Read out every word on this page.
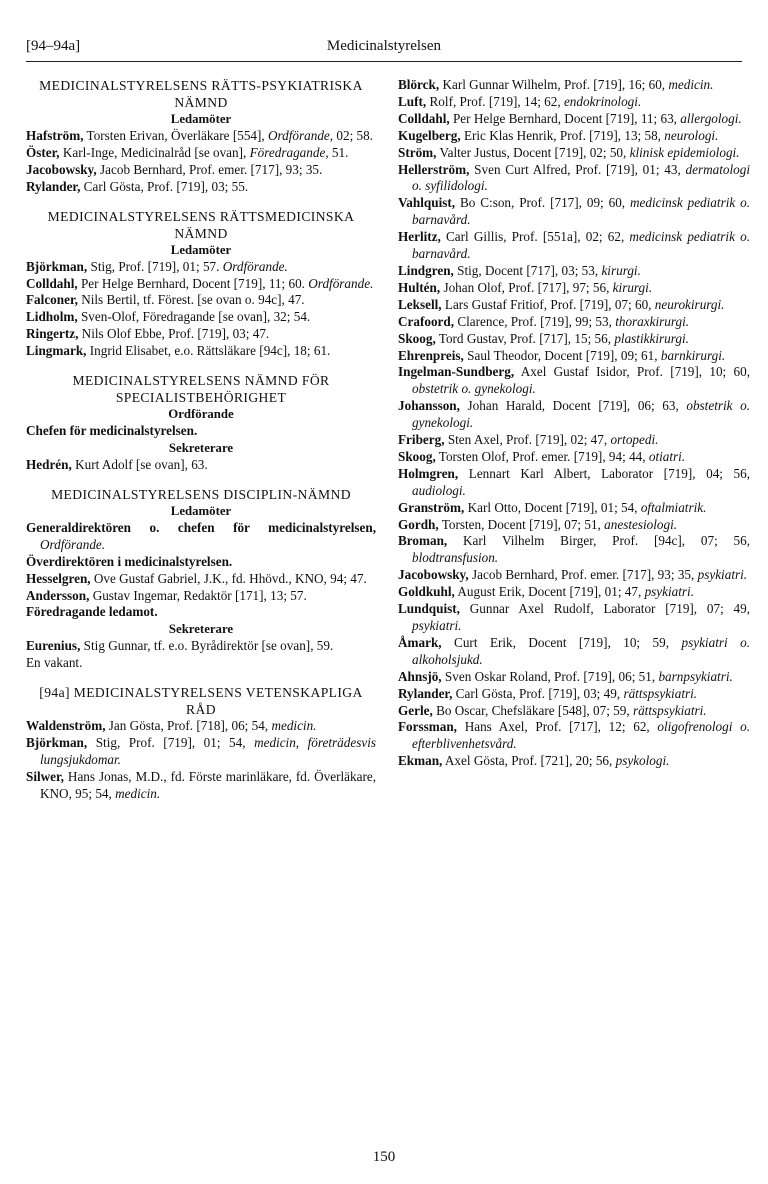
[94–94a]	Medicinalstyrelsen
MEDICINALSTYRELSENS RÄTTS-PSYKIATRISKA NÄMND
Ledamöter
Hafström, Torsten Erivan, Överläkare [554], Ordförande, 02; 58.
Öster, Karl-Inge, Medicinalråd [se ovan], Föredragande, 51.
Jacobowsky, Jacob Bernhard, Prof. emer. [717], 93; 35.
Rylander, Carl Gösta, Prof. [719], 03; 55.
MEDICINALSTYRELSENS RÄTTSMEDICINSKA NÄMND
Ledamöter
Björkman, Stig, Prof. [719], 01; 57. Ordförande.
Colldahl, Per Helge Bernhard, Docent [719], 11; 60. Ordförande.
Falconer, Nils Bertil, tf. Förest. [se ovan o. 94c], 47.
Lidholm, Sven-Olof, Föredragande [se ovan], 32; 54.
Ringertz, Nils Olof Ebbe, Prof. [719], 03; 47.
Lingmark, Ingrid Elisabet, e.o. Rättsläkare [94c], 18; 61.
MEDICINALSTYRELSENS NÄMND FÖR SPECIALISTBEHÖRIGHET
Ordförande
Chefen för medicinalstyrelsen.
Sekreterare
Hedrén, Kurt Adolf [se ovan], 63.
MEDICINALSTYRELSENS DISCIPLIN-NÄMND
Ledamöter
Generaldirektören o. chefen för medicinalstyrelsen, Ordförande.
Överdirektören i medicinalstyrelsen.
Hesselgren, Ove Gustaf Gabriel, J.K., fd. Hhövd., KNO, 94; 47.
Andersson, Gustav Ingemar, Redaktör [171], 13; 57.
Föredragande ledamot.
Sekreterare
Eurenius, Stig Gunnar, tf. e.o. Byrådirektör [se ovan], 59.
En vakant.
[94a] MEDICINALSTYRELSENS VETENSKAPLIGA RÅD
Waldenström, Jan Gösta, Prof. [718], 06; 54, medicin.
Björkman, Stig, Prof. [719], 01; 54, medicin, företrädesvis lungsjukdomar.
Silwer, Hans Jonas, M.D., fd. Förste marinläkare, fd. Överläkare, KNO, 95; 54, medicin.
Blörck, Karl Gunnar Wilhelm, Prof. [719], 16; 60, medicin.
Luft, Rolf, Prof. [719], 14; 62, endokrinologi.
Colldahl, Per Helge Bernhard, Docent [719], 11; 63, allergologi.
Kugelberg, Eric Klas Henrik, Prof. [719], 13; 58, neurologi.
Ström, Valter Justus, Docent [719], 02; 50, klinisk epidemiologi.
Hellerström, Sven Curt Alfred, Prof. [719], 01; 43, dermatologi o. syfilidologi.
Vahlquist, Bo C:son, Prof. [717], 09; 60, medicinsk pediatrik o. barnavård.
Herlitz, Carl Gillis, Prof. [551a], 02; 62, medicinsk pediatrik o. barnavård.
Lindgren, Stig, Docent [717], 03; 53, kirurgi.
Hultén, Johan Olof, Prof. [717], 97; 56, kirurgi.
Leksell, Lars Gustaf Fritiof, Prof. [719], 07; 60, neurokirurgi.
Crafoord, Clarence, Prof. [719], 99; 53, thoraxkirurgi.
Skoog, Tord Gustav, Prof. [717], 15; 56, plastikkirurgi.
Ehrenpreis, Saul Theodor, Docent [719], 09; 61, barnkirurgi.
Ingelman-Sundberg, Axel Gustaf Isidor, Prof. [719], 10; 60, obstetrik o. gynekologi.
Johansson, Johan Harald, Docent [719], 06; 63, obstetrik o. gynekologi.
Friberg, Sten Axel, Prof. [719], 02; 47, ortopedi.
Skoog, Torsten Olof, Prof. emer. [719], 94; 44, otiatri.
Holmgren, Lennart Karl Albert, Laborator [719], 04; 56, audiologi.
Granström, Karl Otto, Docent [719], 01; 54, oftalmiatrik.
Gordh, Torsten, Docent [719], 07; 51, anestesiologi.
Broman, Karl Vilhelm Birger, Prof. [94c], 07; 56, blodtransfusion.
Jacobowsky, Jacob Bernhard, Prof. emer. [717], 93; 35, psykiatri.
Goldkuhl, August Erik, Docent [719], 01; 47, psykiatri.
Lundquist, Gunnar Axel Rudolf, Laborator [719], 07; 49, psykiatri.
Åmark, Curt Erik, Docent [719], 10; 59, psykiatri o. alkoholsjukd.
Ahnsjö, Sven Oskar Roland, Prof. [719], 06; 51, barnpsykiatri.
Rylander, Carl Gösta, Prof. [719], 03; 49, rättspsykiatri.
Gerle, Bo Oscar, Chefsläkare [548], 07; 59, rättspsykiatri.
Forssman, Hans Axel, Prof. [717], 12; 62, oligofrenologi o. efterblivenhetsvård.
Ekman, Axel Gösta, Prof. [721], 20; 56, psykologi.
150
